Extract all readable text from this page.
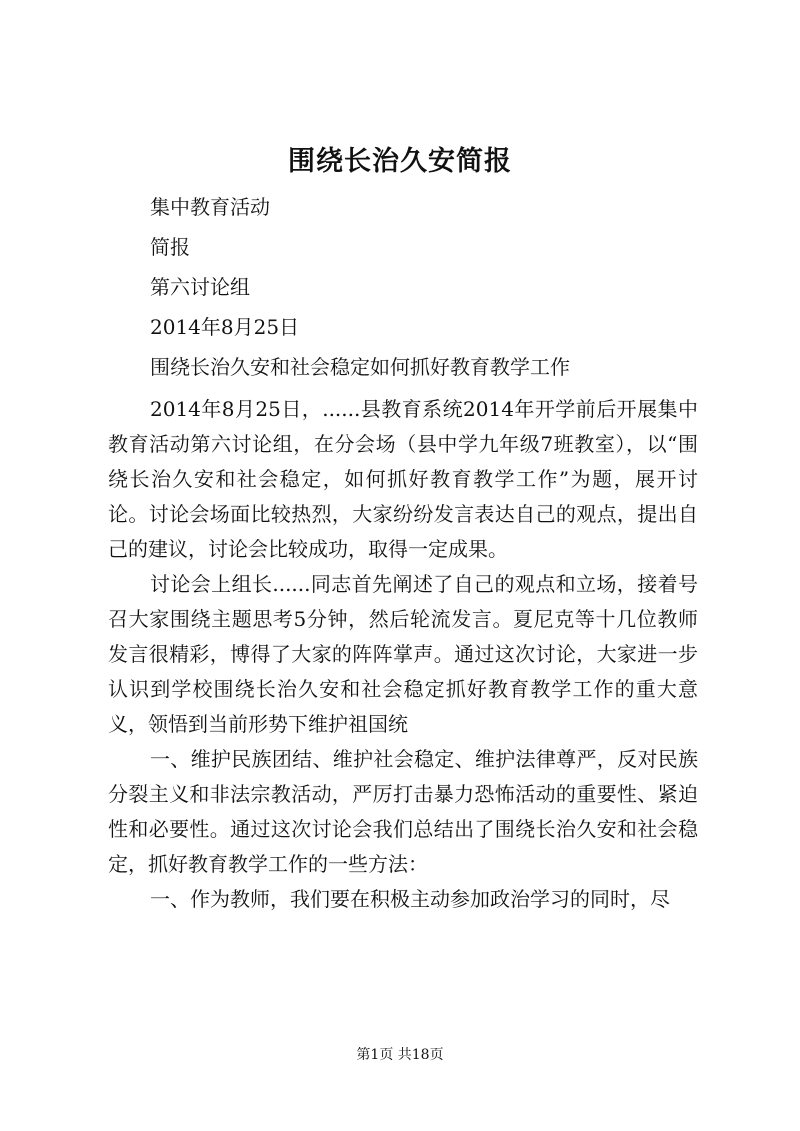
围绕长治久安简报
集中教育活动
简报
第六讨论组
2014年8月25日
围绕长治久安和社会稳定如何抓好教育教学工作

2014年8月25日，......县教育系统2014年开学前后开展集中教育活动第六讨论组，在分会场（县中学九年级7班教室），以“围绕长治久安和社会稳定，如何抓好教育教学工作”为题，展开讨论。讨论会场面比较热烈，大家纷纷发言表达自己的观点，提出自己的建议，讨论会比较成功，取得一定成果。

讨论会上组长......同志首先阐述了自己的观点和立场，接着号召大家围绕主题思考5分钟，然后轮流发言。夏尼克等十几位教师发言很精彩，博得了大家的阵阵掌声。通过这次讨论，大家进一步认识到学校围绕长治久安和社会稳定抓好教育教学工作的重大意义，领悟到当前形势下维护祖国统

一、维护民族团结、维护社会稳定、维护法律尊严，反对民族分裂主义和非法宗教活动，严厉打击暴力恐怖活动的重要性、紧迫性和必要性。通过这次讨论会我们总结出了围绕长治久安和社会稳定，抓好教育教学工作的一些方法：

一、作为教师，我们要在积极主动参加政治学习的同时，尽

第1页 共18页
